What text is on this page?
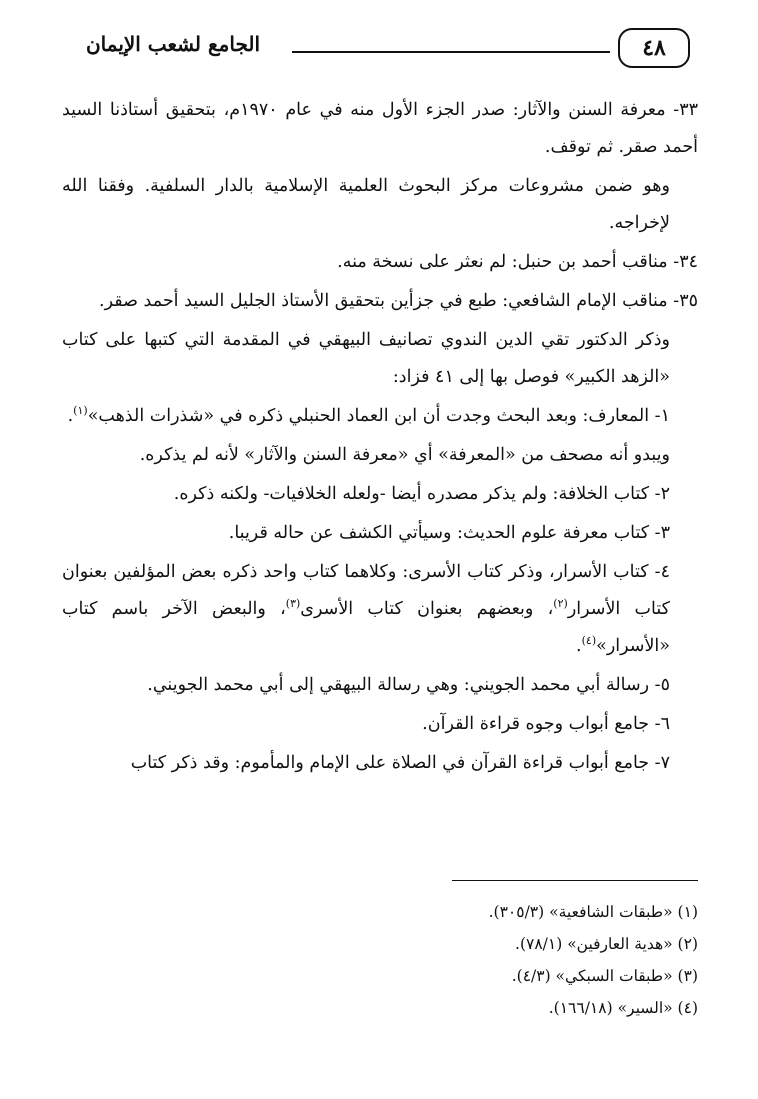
٤٨
الجامع لشعب الإيمان

٣٣- معرفة السنن والآثار: صدر الجزء الأول منه في عام ١٩٧٠م، بتحقيق أستاذنا السيد أحمد صقر. ثم توقف.

وهو ضمن مشروعات مركز البحوث العلمية الإسلامية بالدار السلفية. وفقنا الله لإخراجه.

٣٤- مناقب أحمد بن حنبل: لم نعثر على نسخة منه.

٣٥- مناقب الإمام الشافعي: طبع في جزأين بتحقيق الأستاذ الجليل السيد أحمد صقر.

وذكر الدكتور تقي الدين الندوي تصانيف البيهقي في المقدمة التي كتبها على كتاب «الزهد الكبير» فوصل بها إلى ٤١ فزاد:

١- المعارف: وبعد البحث وجدت أن ابن العماد الحنبلي ذكره في «شذرات الذهب»$^{(١)}$.

ويبدو أنه مصحف من «المعرفة» أي «معرفة السنن والآثار» لأنه لم يذكره.

٢- كتاب الخلافة: ولم يذكر مصدره أيضا -ولعله الخلافيات- ولكنه ذكره.

٣- كتاب معرفة علوم الحديث: وسيأتي الكشف عن حاله قريبا.

٤- كتاب الأسرار، وذكر كتاب الأسرى: وكلاهما كتاب واحد ذكره بعض المؤلفين بعنوان كتاب الأسرار$^{(٢)}$، وبعضهم بعنوان كتاب الأسرى$^{(٣)}$، والبعض الآخر باسم كتاب «الأسرار»$^{(٤)}$.

٥- رسالة أبي محمد الجويني: وهي رسالة البيهقي إلى أبي محمد الجويني.

٦- جامع أبواب وجوه قراءة القرآن.

٧- جامع أبواب قراءة القرآن في الصلاة على الإمام والمأموم: وقد ذكر كتاب

(١) «طبقات الشافعية» (٣٠٥/٣).
(٢) «هدية العارفين» (٧٨/١).
(٣) «طبقات السبكي» (٤/٣).
(٤) «السير» (١٦٦/١٨).
